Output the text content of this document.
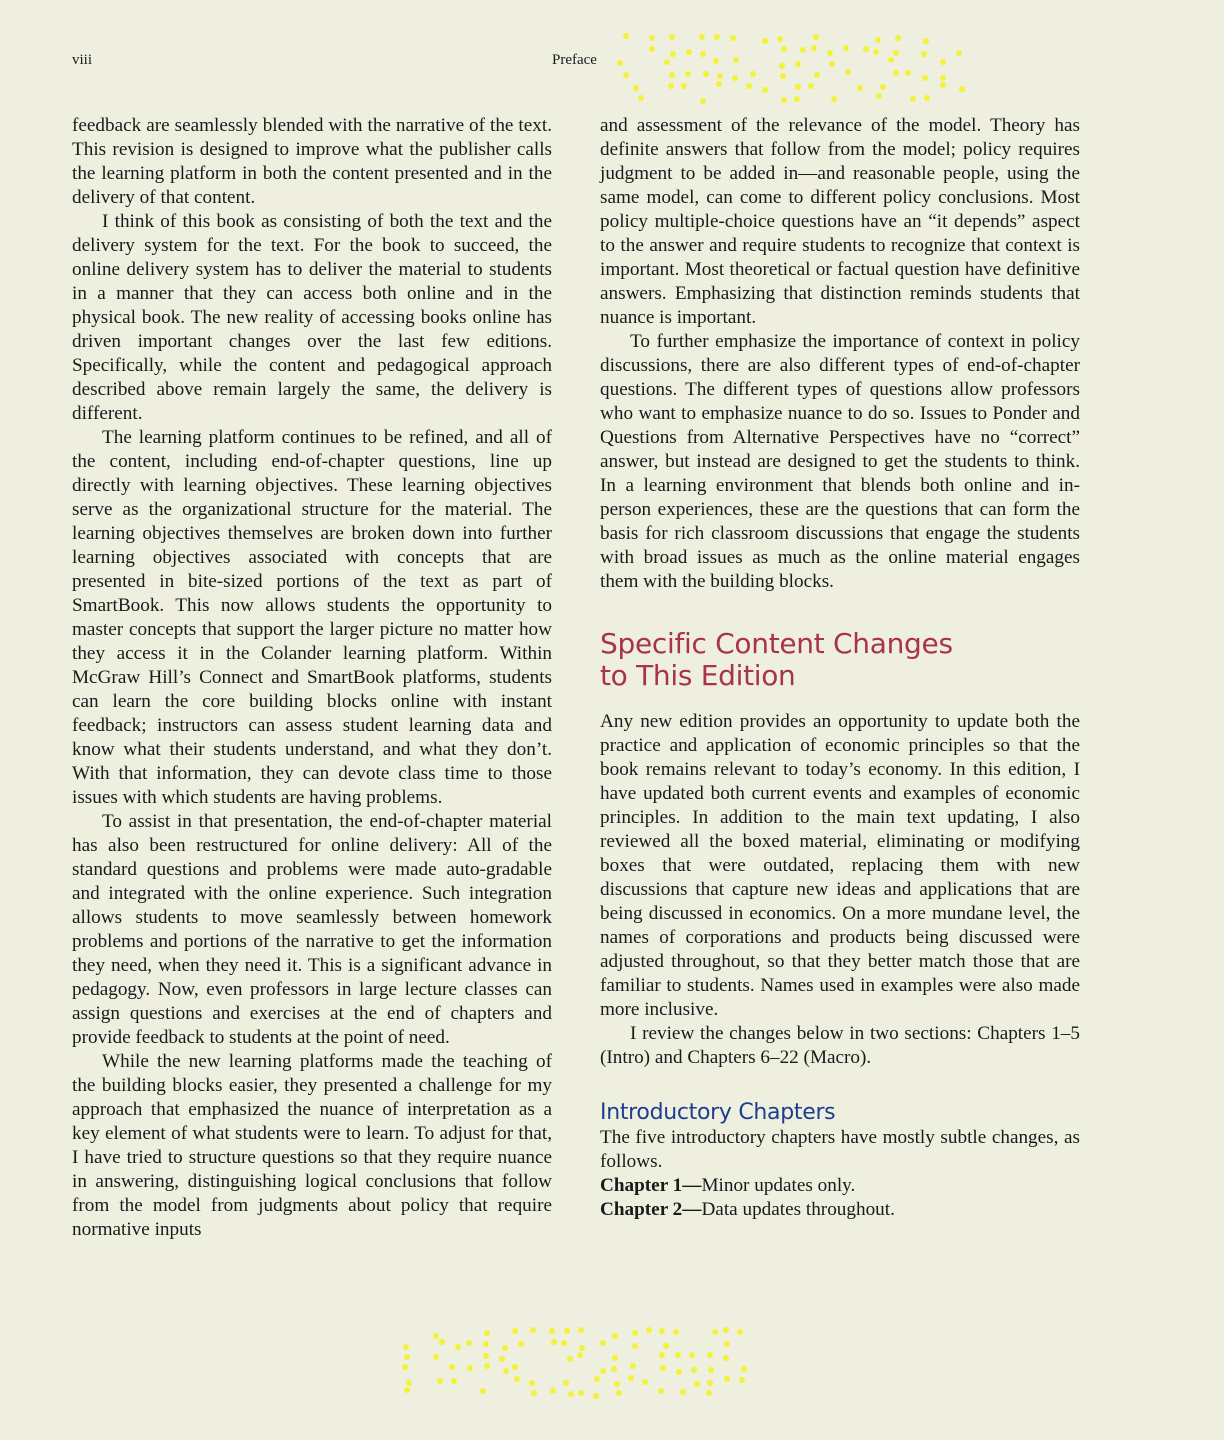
viii	Preface

feedback are seamlessly blended with the narrative of the text. This revision is designed to improve what the publisher calls the learning platform in both the content presented and in the delivery of that content.

I think of this book as consisting of both the text and the delivery system for the text. For the book to succeed, the online delivery system has to deliver the material to students in a manner that they can access both online and in the physical book. The new reality of accessing books online has driven important changes over the last few editions. Specifically, while the content and pedagogical approach described above remain largely the same, the delivery is different.

The learning platform continues to be refined, and all of the content, including end-of-chapter questions, line up directly with learning objectives. These learning objectives serve as the organizational structure for the material. The learning objectives themselves are broken down into further learning objectives associated with concepts that are presented in bite-sized portions of the text as part of SmartBook. This now allows students the opportunity to master concepts that support the larger picture no matter how they access it in the Colander learning platform. Within McGraw Hill’s Connect and SmartBook platforms, students can learn the core building blocks online with instant feedback; instructors can assess student learning data and know what their students understand, and what they don’t. With that information, they can devote class time to those issues with which students are having problems.

To assist in that presentation, the end-of-chapter material has also been restructured for online delivery: All of the standard questions and problems were made auto-gradable and integrated with the online experience. Such integration allows students to move seamlessly between homework problems and portions of the narrative to get the information they need, when they need it. This is a significant advance in pedagogy. Now, even professors in large lecture classes can assign questions and exercises at the end of chapters and provide feedback to students at the point of need.

While the new learning platforms made the teaching of the building blocks easier, they presented a challenge for my approach that emphasized the nuance of interpretation as a key element of what students were to learn. To adjust for that, I have tried to structure questions so that they require nuance in answering, distinguishing logical conclusions that follow from the model from judgments about policy that require normative inputs

and assessment of the relevance of the model. Theory has definite answers that follow from the model; policy requires judgment to be added in—and reasonable people, using the same model, can come to different policy conclusions. Most policy multiple-choice questions have an “it depends” aspect to the answer and require students to recognize that context is important. Most theoretical or factual question have definitive answers. Emphasizing that distinction reminds students that nuance is important.

To further emphasize the importance of context in policy discussions, there are also different types of end-of-chapter questions. The different types of questions allow professors who want to emphasize nuance to do so. Issues to Ponder and Questions from Alternative Perspectives have no “correct” answer, but instead are designed to get the students to think. In a learning environment that blends both online and in-person experiences, these are the questions that can form the basis for rich classroom discussions that engage the students with broad issues as much as the online material engages them with the building blocks.

Specific Content Changes
to This Edition

Any new edition provides an opportunity to update both the practice and application of economic principles so that the book remains relevant to today’s economy. In this edition, I have updated both current events and examples of economic principles. In addition to the main text updating, I also reviewed all the boxed material, eliminating or modifying boxes that were outdated, replacing them with new discussions that capture new ideas and applications that are being discussed in economics. On a more mundane level, the names of corporations and products being discussed were adjusted throughout, so that they better match those that are familiar to students. Names used in examples were also made more inclusive.

I review the changes below in two sections: Chapters 1–5 (Intro) and Chapters 6–22 (Macro).

Introductory Chapters

The five introductory chapters have mostly subtle changes, as follows.

Chapter 1—Minor updates only.

Chapter 2—Data updates throughout.
